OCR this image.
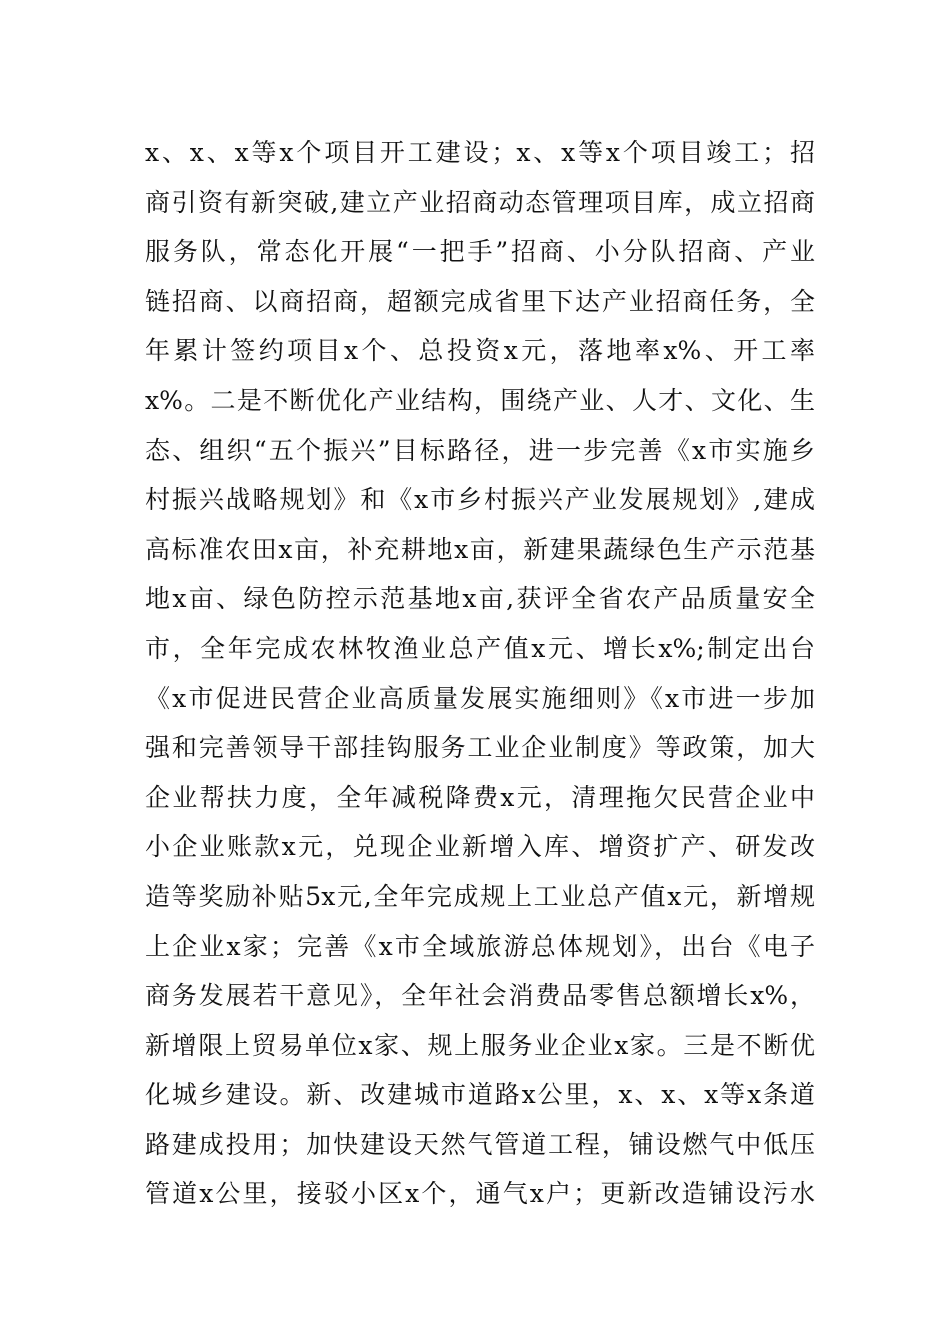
x、x、x等x个项目开工建设；x、x等x个项目竣工；招
商引资有新突破,建立产业招商动态管理项目库，成立招商
服务队，常态化开展“一把手”招商、小分队招商、产业
链招商、以商招商，超额完成省里下达产业招商任务，全
年累计签约项目x个、总投资x元，落地率x%、开工率
x%。二是不断优化产业结构，围绕产业、人才、文化、生
态、组织“五个振兴”目标路径，进一步完善《x市实施乡
村振兴战略规划》和《x市乡村振兴产业发展规划》,建成
高标准农田x亩，补充耕地x亩，新建果蔬绿色生产示范基
地x亩、绿色防控示范基地x亩,获评全省农产品质量安全
市，全年完成农林牧渔业总产值x元、增长x%;制定出台
《x市促进民营企业高质量发展实施细则》《x市进一步加
强和完善领导干部挂钩服务工业企业制度》等政策，加大
企业帮扶力度，全年减税降费x元，清理拖欠民营企业中
小企业账款x元，兑现企业新增入库、增资扩产、研发改
造等奖励补贴5x元,全年完成规上工业总产值x元，新增规
上企业x家；完善《x市全域旅游总体规划》，出台《电子
商务发展若干意见》，全年社会消费品零售总额增长x%，
新增限上贸易单位x家、规上服务业企业x家。三是不断优
化城乡建设。新、改建城市道路x公里，x、x、x等x条道
路建成投用；加快建设天然气管道工程，铺设燃气中低压
管道x公里，接驳小区x个，通气x户；更新改造铺设污水
